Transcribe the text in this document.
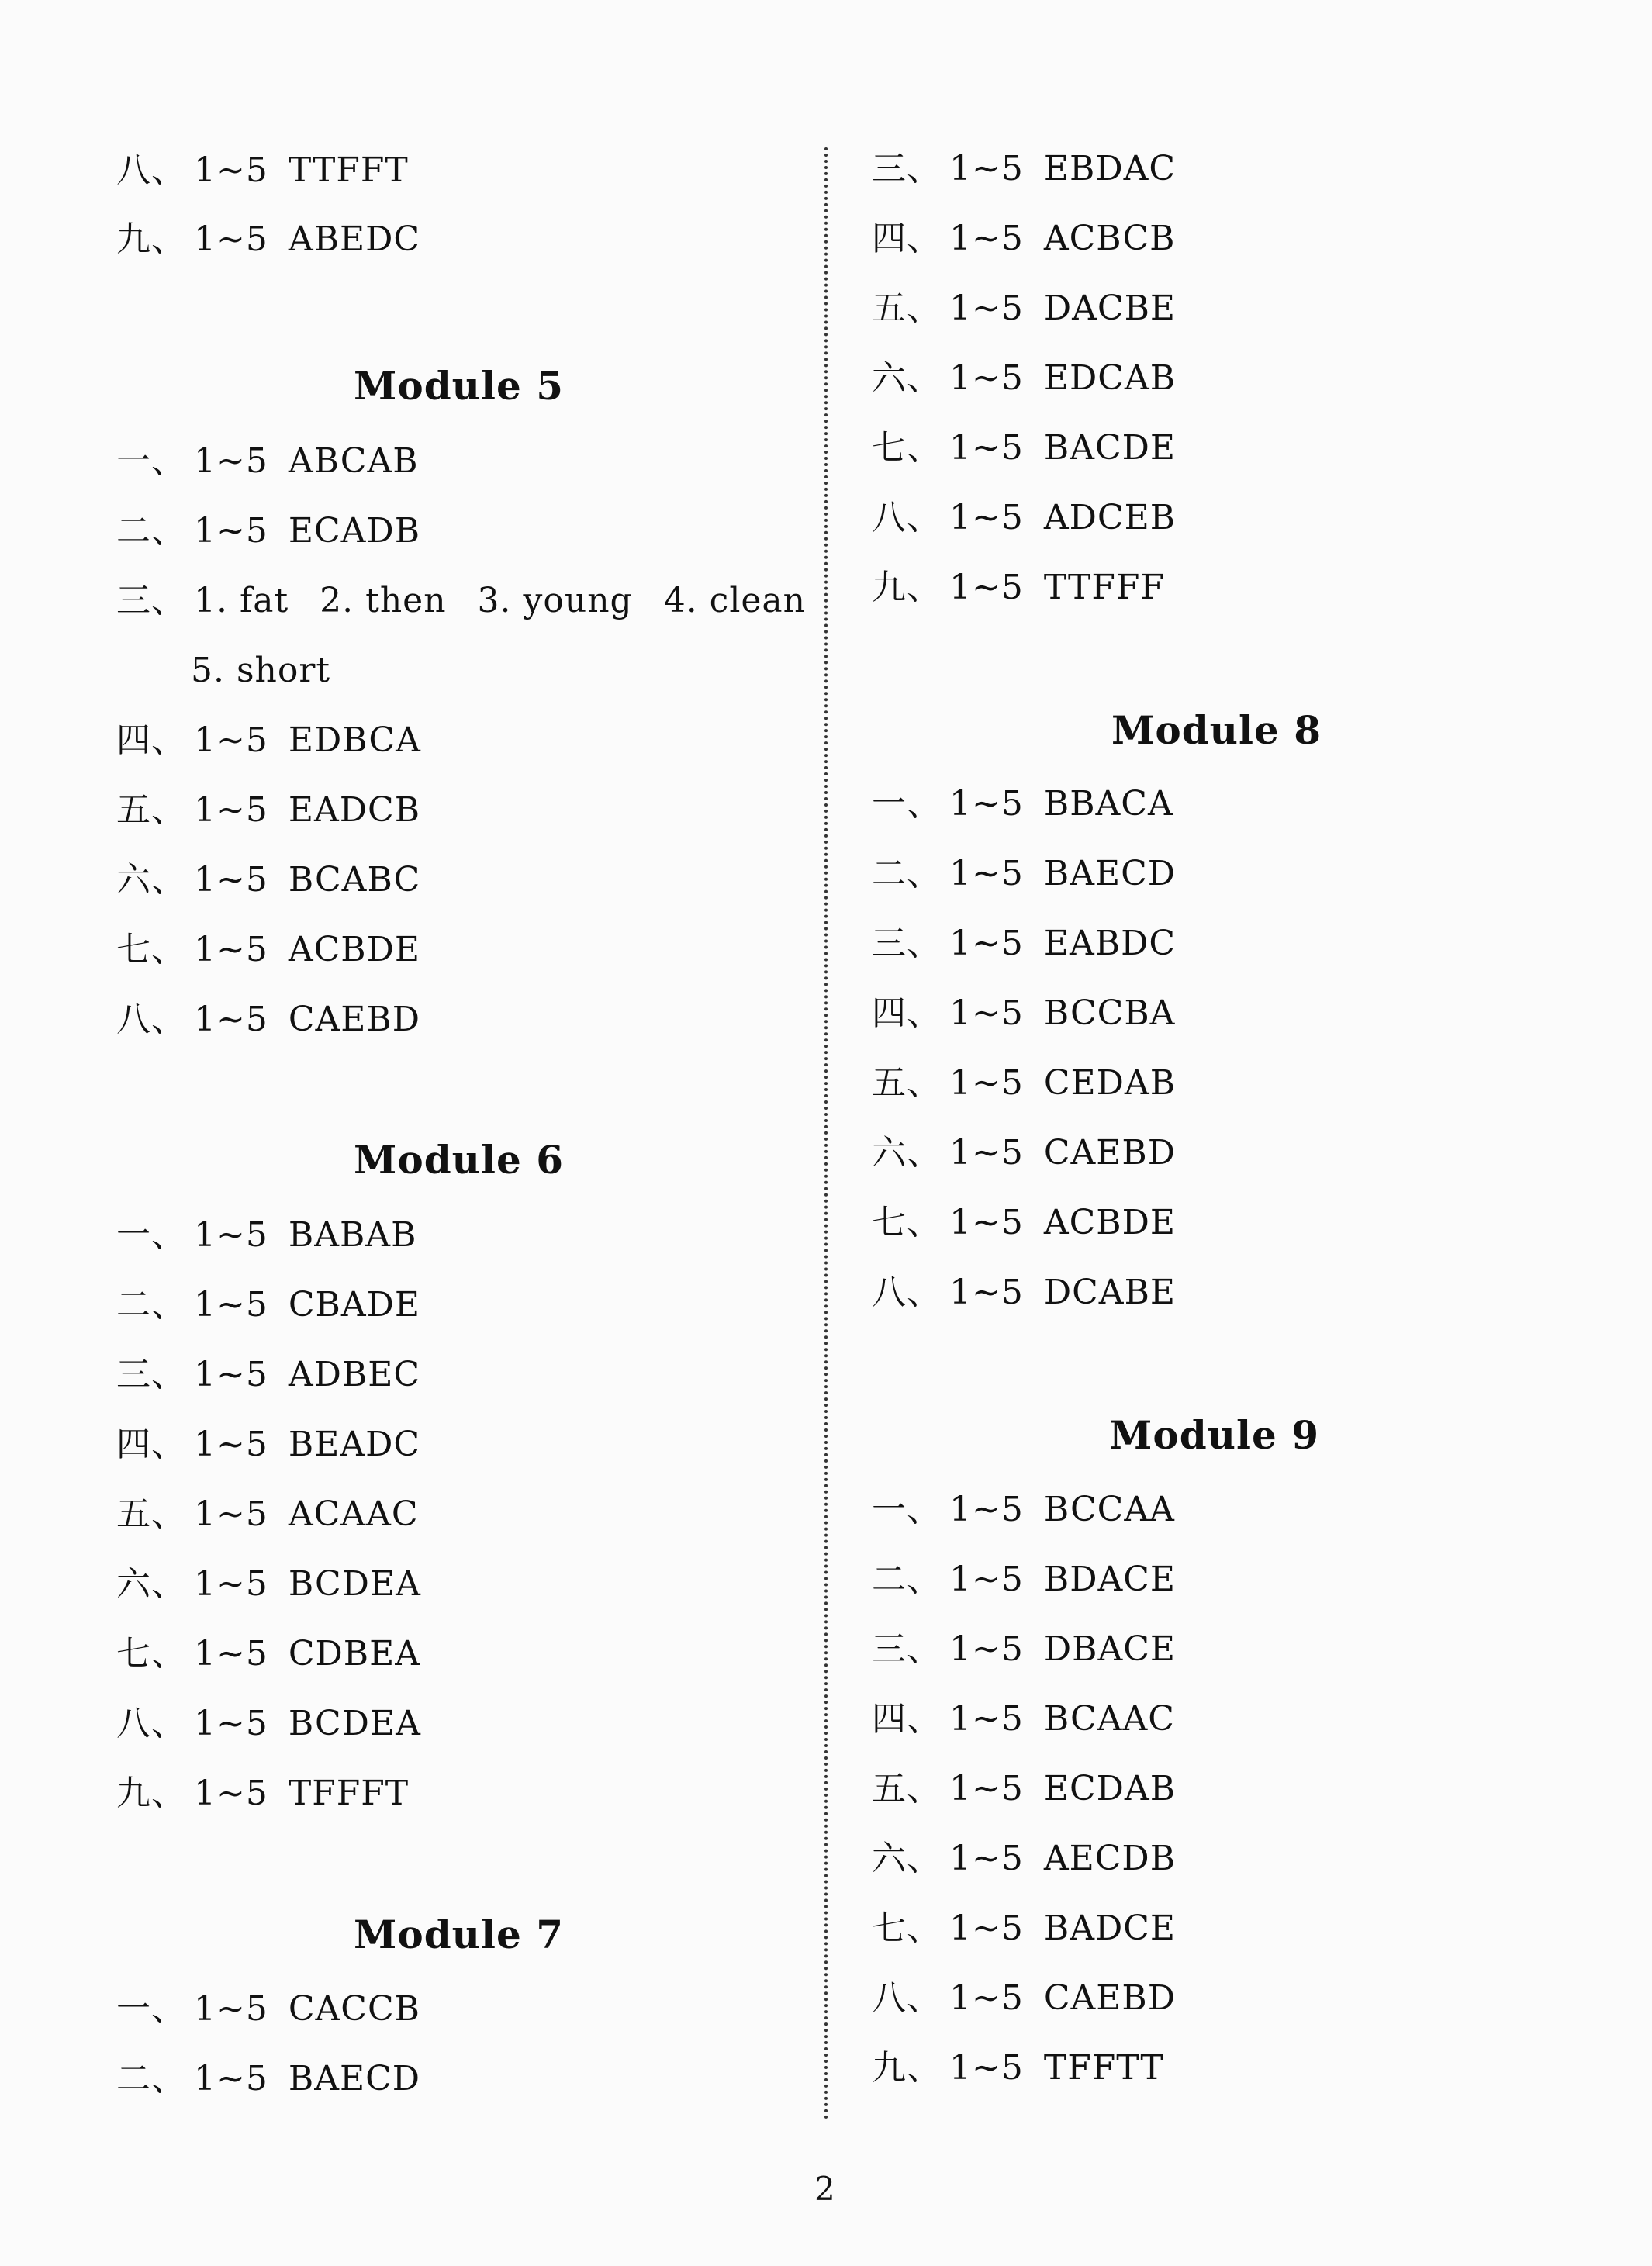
八、 1~5 TTFFT
九、 1~5 ABEDC
Module 5
一、 1~5 ABCAB
二、 1~5 ECADB
三、 1. fat 2. then 3. young 4. clean
5. short
四、 1~5 EDBCA
五、 1~5 EADCB
六、 1~5 BCABC
七、 1~5 ACBDE
八、 1~5 CAEBD
Module 6
一、 1~5 BABAB
二、 1~5 CBADE
三、 1~5 ADBEC
四、 1~5 BEADC
五、 1~5 ACAAC
六、 1~5 BCDEA
七、 1~5 CDBEA
八、 1~5 BCDEA
九、 1~5 TFFFT
Module 7
一、 1~5 CACCB
二、 1~5 BAECD
三、 1~5 EBDAC
四、 1~5 ACBCB
五、 1~5 DACBE
六、 1~5 EDCAB
七、 1~5 BACDE
八、 1~5 ADCEB
九、 1~5 TTFFF
Module 8
一、 1~5 BBACA
二、 1~5 BAECD
三、 1~5 EABDC
四、 1~5 BCCBA
五、 1~5 CEDAB
六、 1~5 CAEBD
七、 1~5 ACBDE
八、 1~5 DCABE
Module 9
一、 1~5 BCCAA
二、 1~5 BDACE
三、 1~5 DBACE
四、 1~5 BCAAC
五、 1~5 ECDAB
六、 1~5 AECDB
七、 1~5 BADCE
八、 1~5 CAEBD
九、 1~5 TFFTT
2
